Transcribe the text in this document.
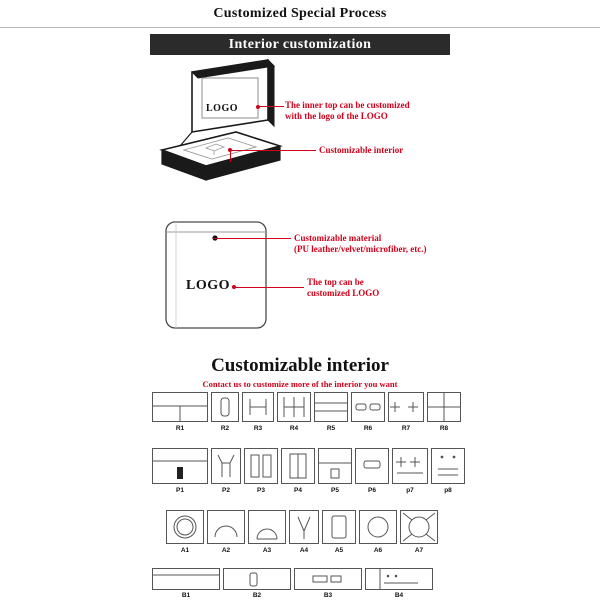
Customized Special Process
Interior customization
LOGO	The inner top can be customized
with the logo of the LOGO
Customizable interior
LOGO
Customizable material
(PU leather/velvet/microfiber, etc.)
The top can be
customized LOGO
Customizable interior
Contact us to customize more of the interior you want
R1	R2	R3	R4	R5	R6	R7	R8
P1	P2	P3	P4	P5	P6	p7	p8
A1	A2	A3	A4	A5	A6	A7
B1	B2	B3	B4
